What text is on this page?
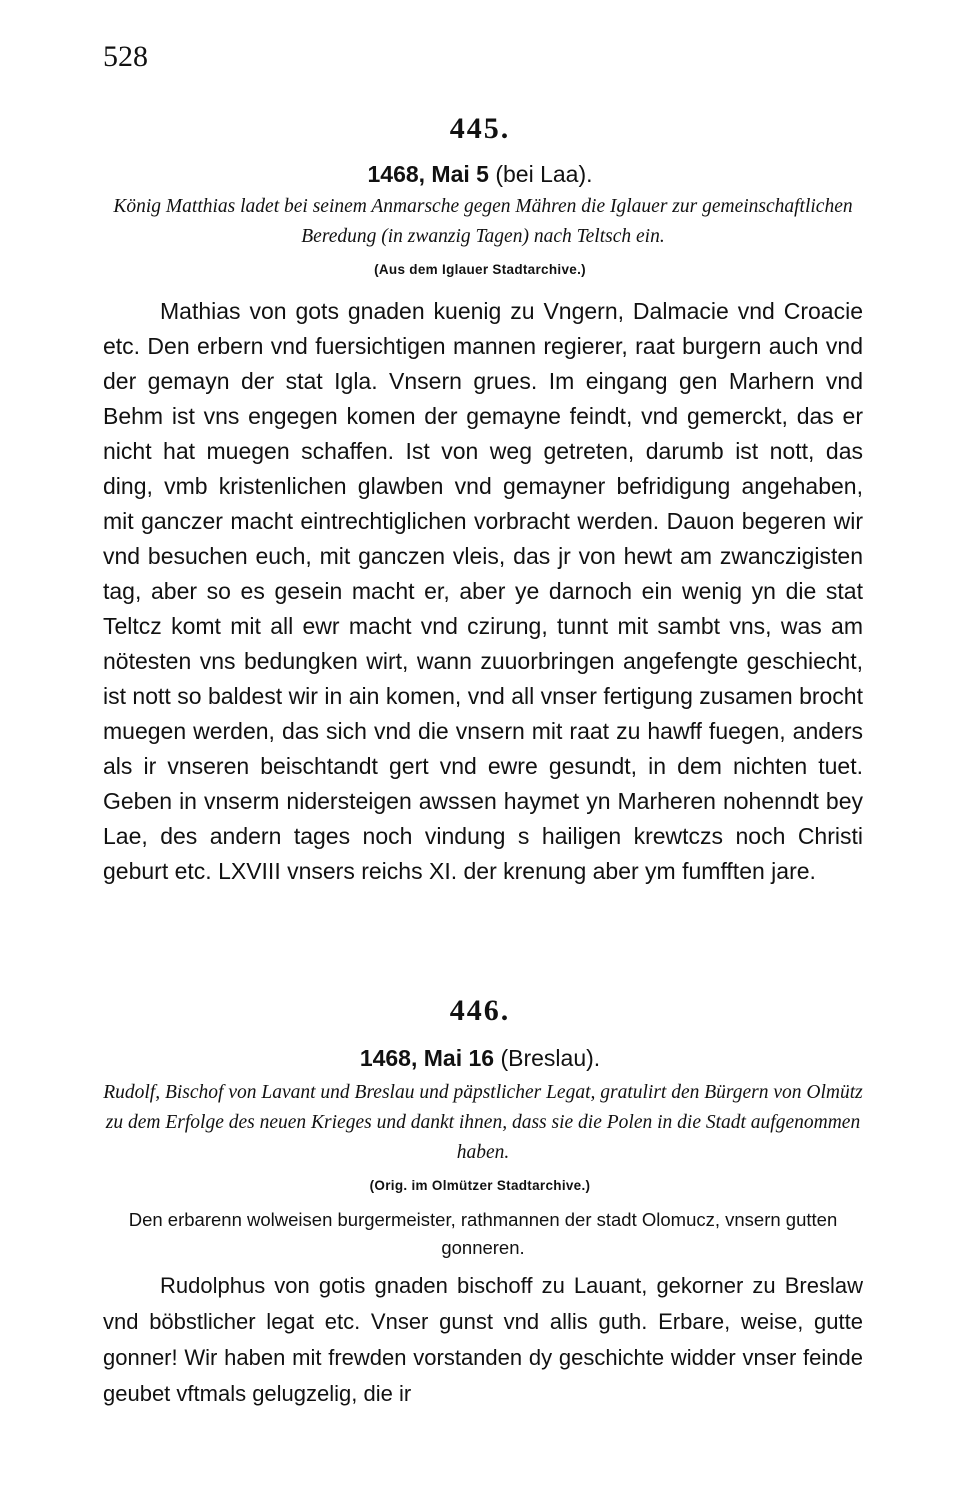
528
445.
1468, Mai 5 (bei Laa).
König Matthias ladet bei seinem Anmarsche gegen Mähren die Iglauer zur gemeinschaftlichen Beredung (in zwanzig Tagen) nach Teltsch ein.
(Aus dem Iglauer Stadtarchive.)

Mathias von gots gnaden kuenig zu Vngern, Dalmacie vnd Croacie etc. Den erbern vnd fuersichtigen mannen regierer, raat burgern auch vnd der gemayn der stat Igla. Vnsern grues. Im eingang gen Marhern vnd Behm ist vns engegen komen der gemayne feindt, vnd gemerckt, das er nicht hat muegen schaffen. Ist von weg getreten, darumb ist nott, das ding, vmb kristenlichen glawben vnd gemayner befridigung angehaben, mit ganczer macht eintrechtiglichen vorbracht werden. Dauon begeren wir vnd besuchen euch, mit ganczen vleis, das jr von hewt am zwanczigisten tag, aber so es gesein macht er, aber ye darnoch ein wenig yn die stat Teltcz komt mit all ewr macht vnd czirung, tunnt mit sambt vns, was am nötesten vns bedungken wirt, wann zuuorbringen angefengte geschiecht, ist nott so baldest wir in ain komen, vnd all vnser fertigung zusamen brocht muegen werden, das sich vnd die vnsern mit raat zu hawff fuegen, anders als ir vnseren beischtandt gert vnd ewre gesundt, in dem nichten tuet. Geben in vnserm nidersteigen awssen haymet yn Marheren nohenndt bey Lae, des andern tages noch vindung s hailigen krewtczs noch Christi geburt etc. LXVIII vnsers reichs XI. der krenung aber ym fumfften jare.

446.
1468, Mai 16 (Breslau).
Rudolf, Bischof von Lavant und Breslau und päpstlicher Legat, gratulirt den Bürgern von Olmütz zu dem Erfolge des neuen Krieges und dankt ihnen, dass sie die Polen in die Stadt aufgenommen haben.
(Orig. im Olmützer Stadtarchive.)

Den erbarenn wolweisen burgermeister, rathmannen der stadt Olomucz, vnsern gutten gonneren.

Rudolphus von gotis gnaden bischoff zu Lauant, gekorner zu Breslaw vnd böbstlicher legat etc. Vnser gunst vnd allis guth. Erbare, weise, gutte gonner! Wir haben mit frewden vorstanden dy geschichte widder vnser feinde geubet vftmals gelugzelig, die ir
